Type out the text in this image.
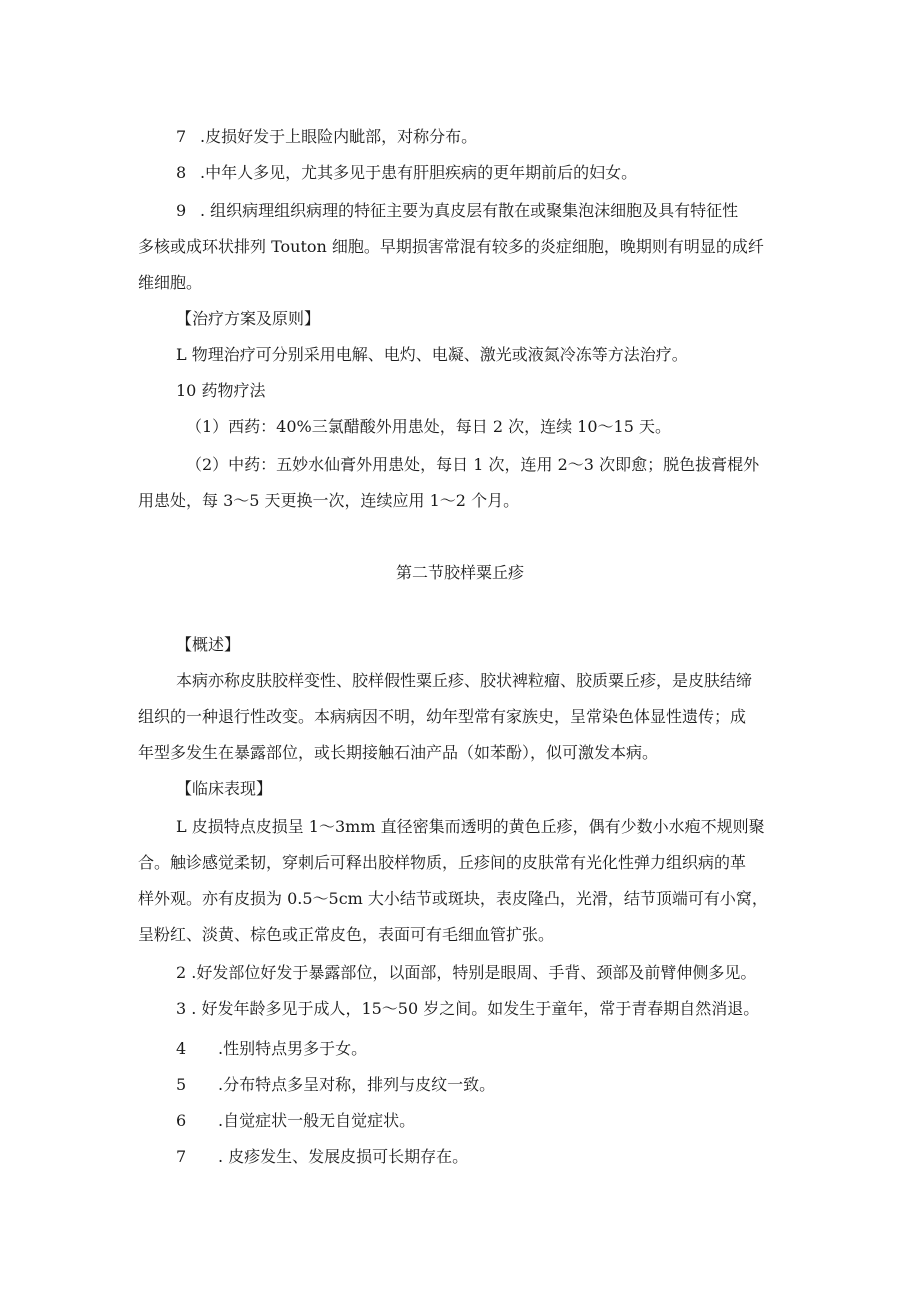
7 .皮损好发于上眼险内眦部，对称分布。
8 .中年人多见，尤其多见于患有肝胆疾病的更年期前后的妇女。
9 . 组织病理组织病理的特征主要为真皮层有散在或聚集泡沫细胞及具有特征性
多核或成环状排列 Touton 细胞。早期损害常混有较多的炎症细胞，晚期则有明显的成纤
维细胞。
【治疗方案及原则】
L 物理治疗可分别采用电解、电灼、电凝、激光或液氮冷冻等方法治疗。
10 药物疗法
（1）西药：40%三氯醋酸外用患处，每日 2 次，连续 10～15 天。
（2）中药：五妙水仙膏外用患处，每日 1 次，连用 2～3 次即愈；脱色拔膏棍外
用患处，每 3～5 天更换一次，连续应用 1～2 个月。
第二节胶样粟丘疹
【概述】
本病亦称皮肤胶样变性、胶样假性粟丘疹、胶状裨粒瘤、胶质粟丘疹，是皮肤结缔
组织的一种退行性改变。本病病因不明，幼年型常有家族史，呈常染色体显性遗传；成
年型多发生在暴露部位，或长期接触石油产品（如苯酚），似可激发本病。
【临床表现】
L 皮损特点皮损呈 1～3mm 直径密集而透明的黄色丘疹，偶有少数小水疱不规则聚
合。触诊感觉柔韧，穿刺后可释出胶样物质，丘疹间的皮肤常有光化性弹力组织病的革
样外观。亦有皮损为 0.5～5cm 大小结节或斑块，表皮隆凸，光滑，结节顶端可有小窝，
呈粉红、淡黄、棕色或正常皮色，表面可有毛细血管扩张。
2 .好发部位好发于暴露部位，以面部，特别是眼周、手背、颈部及前臂伸侧多见。
3 . 好发年龄多见于成人，15～50 岁之间。如发生于童年，常于青春期自然消退。
4 .性别特点男多于女。
5 .分布特点多呈对称，排列与皮纹一致。
6 .自觉症状一般无自觉症状。
7 . 皮疹发生、发展皮损可长期存在。
